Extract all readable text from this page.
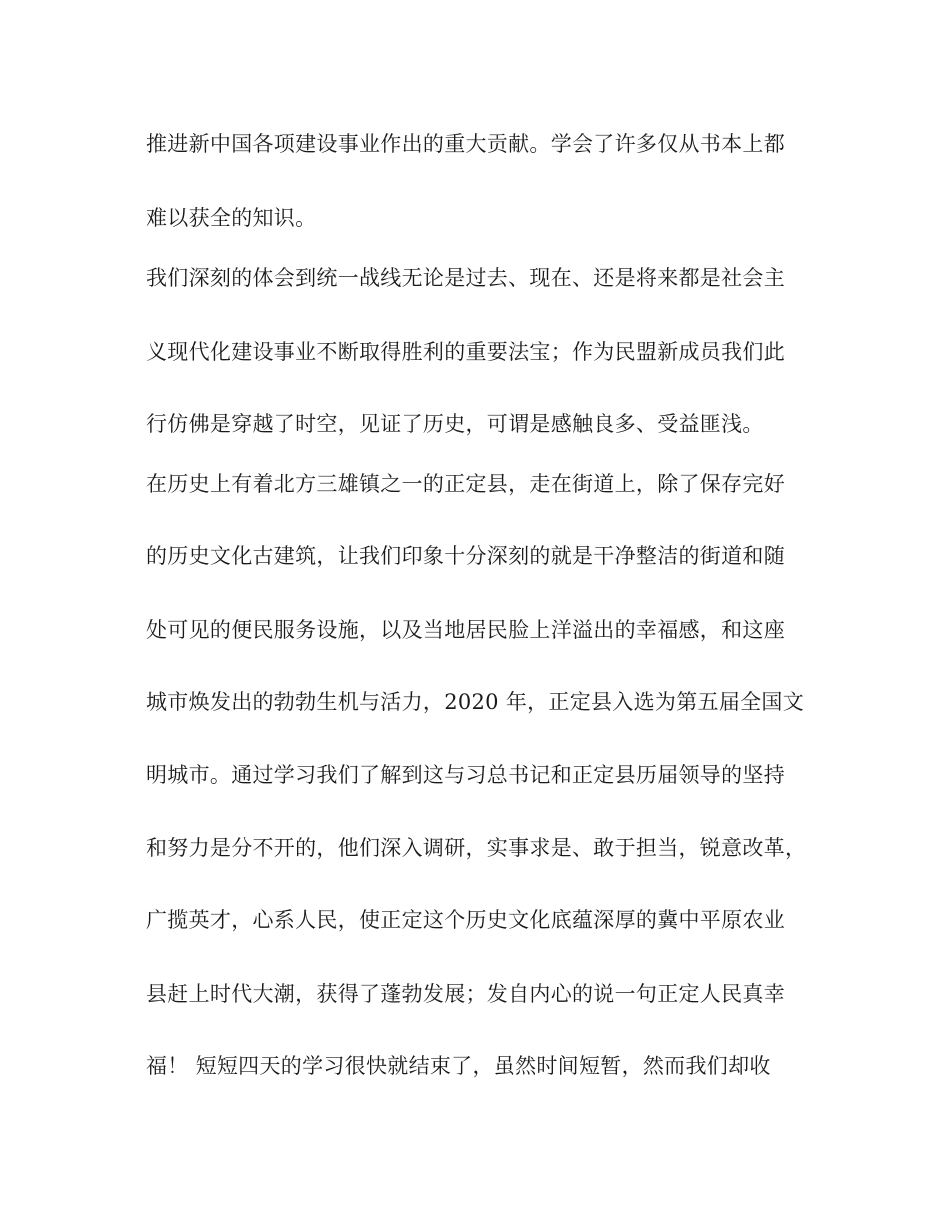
推进新中国各项建设事业作出的重大贡献。学会了许多仅从书本上都
难以获全的知识。
我们深刻的体会到统一战线无论是过去、现在、还是将来都是社会主
义现代化建设事业不断取得胜利的重要法宝；作为民盟新成员我们此
行仿佛是穿越了时空，见证了历史，可谓是感触良多、受益匪浅。
在历史上有着北方三雄镇之一的正定县，走在街道上，除了保存完好
的历史文化古建筑，让我们印象十分深刻的就是干净整洁的街道和随
处可见的便民服务设施，以及当地居民脸上洋溢出的幸福感，和这座
城市焕发出的勃勃生机与活力，2020 年，正定县入选为第五届全国文
明城市。通过学习我们了解到这与习总书记和正定县历届领导的坚持
和努力是分不开的，他们深入调研，实事求是、敢于担当，锐意改革，
广揽英才，心系人民，使正定这个历史文化底蕴深厚的冀中平原农业
县赶上时代大潮，获得了蓬勃发展；发自内心的说一句正定人民真幸
福！ 短短四天的学习很快就结束了，虽然时间短暂，然而我们却收
